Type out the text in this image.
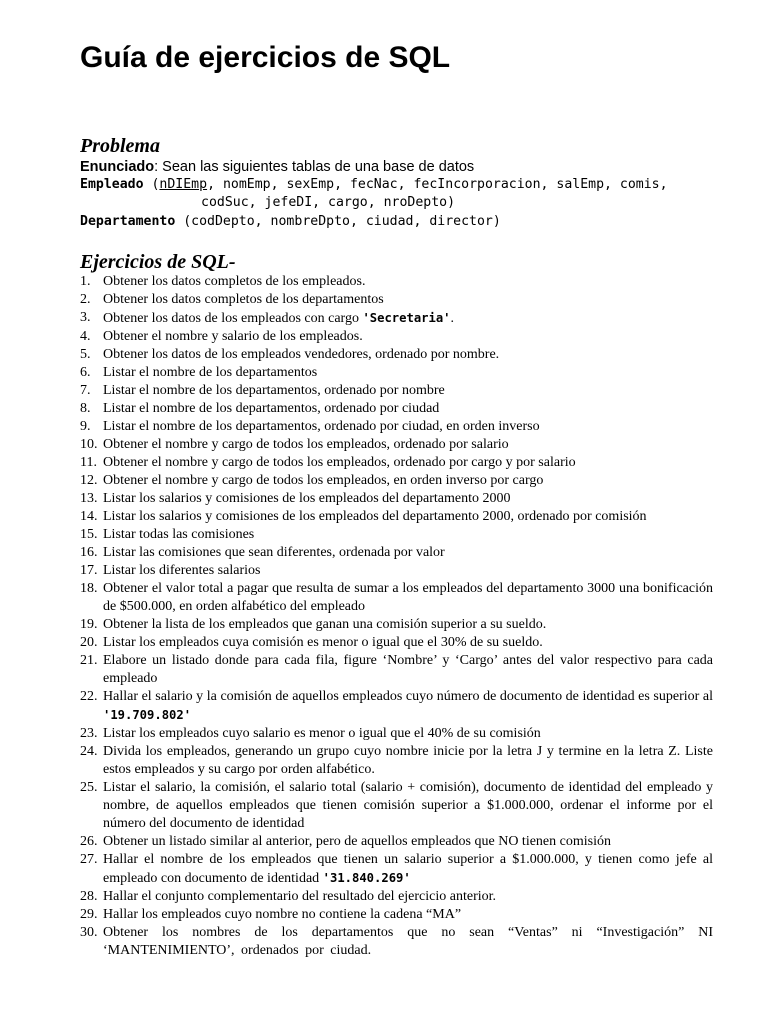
Guía de ejercicios de SQL
Problema
Enunciado: Sean las siguientes tablas de una base de datos
Empleado (nDIEmp, nomEmp, sexEmp, fecNac, fecIncorporacion, salEmp, comis,
codSuc, jefeDI, cargo, nroDepto)
Departamento (codDepto, nombreDpto, ciudad, director)
Ejercicios de SQL-
1. Obtener los datos completos de los empleados.
2. Obtener los datos completos de los departamentos
3. Obtener los datos de los empleados con cargo 'Secretaria'.
4. Obtener el nombre y salario de los empleados.
5. Obtener los datos de los empleados vendedores, ordenado por nombre.
6. Listar el nombre de los departamentos
7. Listar el nombre de los departamentos, ordenado por nombre
8. Listar el nombre de los departamentos, ordenado por ciudad
9. Listar el nombre de los departamentos, ordenado por ciudad, en orden inverso
10. Obtener el nombre y cargo de todos los empleados, ordenado por salario
11. Obtener el nombre y cargo de todos los empleados, ordenado por cargo y por salario
12. Obtener el nombre y cargo de todos los empleados, en orden inverso por cargo
13. Listar los salarios y comisiones de los empleados del departamento 2000
14. Listar los salarios y comisiones de los empleados del departamento 2000, ordenado por comisión
15. Listar todas las comisiones
16. Listar las comisiones que sean diferentes, ordenada por valor
17. Listar los diferentes salarios
18. Obtener el valor total a pagar que resulta de sumar a los empleados del departamento 3000 una bonificación de $500.000, en orden alfabético del empleado
19. Obtener la lista de los empleados que ganan una comisión superior a su sueldo.
20. Listar los empleados cuya comisión es menor o igual que el 30% de su sueldo.
21. Elabore un listado donde para cada fila, figure ‘Nombre’ y ‘Cargo’ antes del valor respectivo para cada empleado
22. Hallar el salario y la comisión de aquellos empleados cuyo número de documento de identidad es superior al '19.709.802'
23. Listar los empleados cuyo salario es menor o igual que el 40% de su comisión
24. Divida los empleados, generando un grupo cuyo nombre inicie por la letra J y termine en la letra Z. Liste estos empleados y su cargo por orden alfabético.
25. Listar el salario, la comisión, el salario total (salario + comisión), documento de identidad del empleado y nombre, de aquellos empleados que tienen comisión superior a $1.000.000, ordenar el informe por el número del documento de identidad
26. Obtener un listado similar al anterior, pero de aquellos empleados que NO tienen comisión
27. Hallar el nombre de los empleados que tienen un salario superior a $1.000.000, y tienen como jefe al empleado con documento de identidad '31.840.269'
28. Hallar el conjunto complementario del resultado del ejercicio anterior.
29. Hallar los empleados cuyo nombre no contiene la cadena “MA”
30. Obtener los nombres de los departamentos que no sean “Ventas” ni “Investigación” NI ‘MANTENIMIENTO’, ordenados por ciudad.
